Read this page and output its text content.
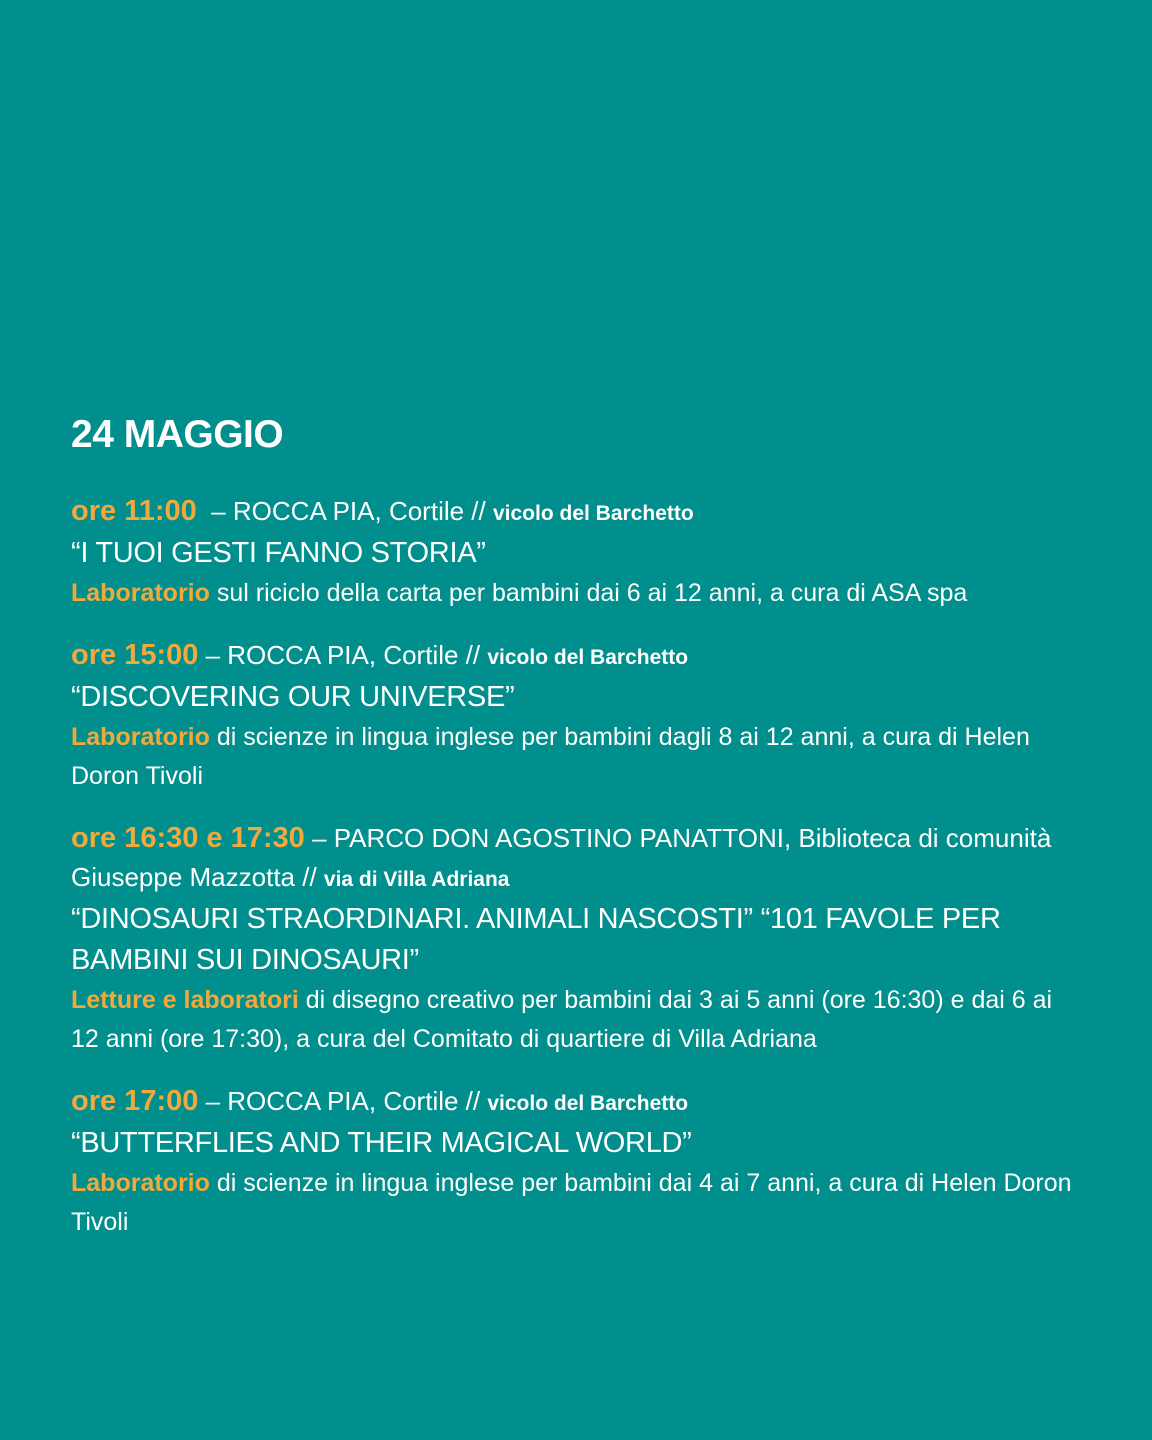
24 MAGGIO
ore 11:00  – ROCCA PIA, Cortile // vicolo del Barchetto
“I TUOI GESTI FANNO STORIA”
Laboratorio sul riciclo della carta per bambini dai 6 ai 12 anni, a cura di ASA spa
ore 15:00 – ROCCA PIA, Cortile // vicolo del Barchetto
“DISCOVERING OUR UNIVERSE”
Laboratorio di scienze in lingua inglese per bambini dagli 8 ai 12 anni, a cura di Helen Doron Tivoli
ore 16:30 e 17:30 – PARCO DON AGOSTINO PANATTONI, Biblioteca di comunità Giuseppe Mazzotta // via di Villa Adriana
“DINOSAURI STRAORDINARI. ANIMALI NASCOSTI” “101 FAVOLE PER BAMBINI SUI DINOSAURI”
Letture e laboratori di disegno creativo per bambini dai 3 ai 5 anni (ore 16:30) e dai 6 ai 12 anni (ore 17:30), a cura del Comitato di quartiere di Villa Adriana
ore 17:00 – ROCCA PIA, Cortile // vicolo del Barchetto
“BUTTERFLIES AND THEIR MAGICAL WORLD”
Laboratorio di scienze in lingua inglese per bambini dai 4 ai 7 anni, a cura di Helen Doron Tivoli
